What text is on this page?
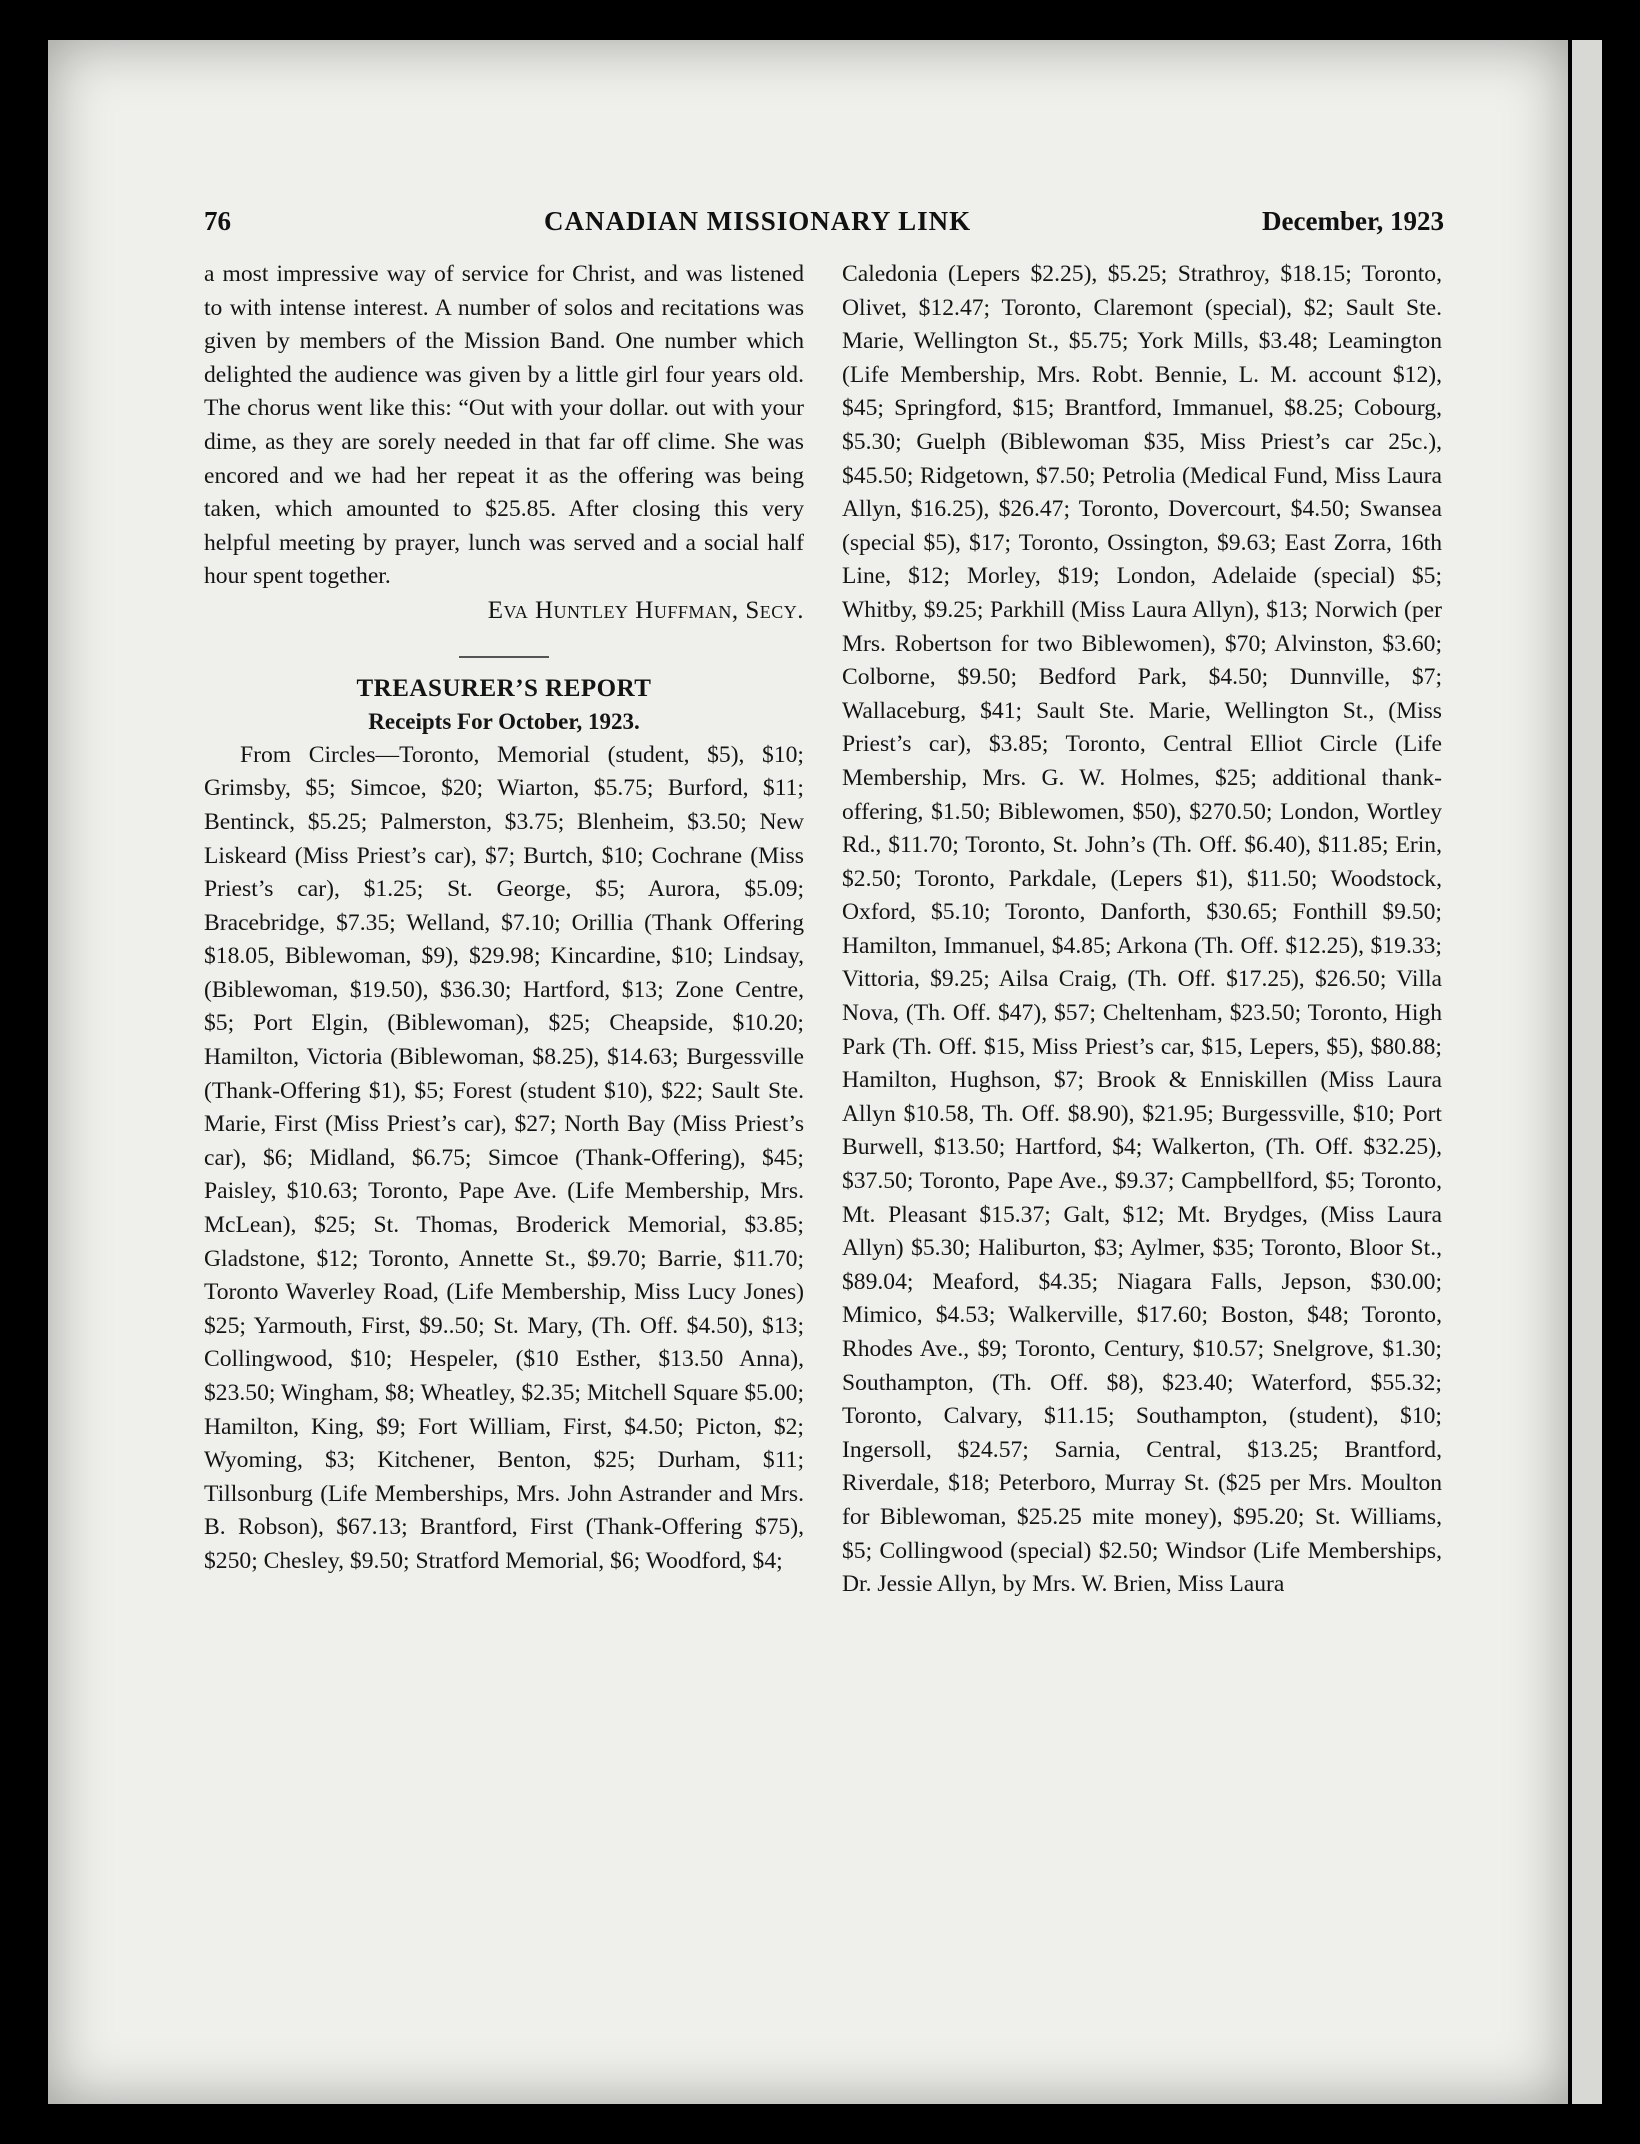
76	CANADIAN MISSIONARY LINK	December, 1923

a most impressive way of service for Christ, and was listened to with intense interest. A number of solos and recitations was given by members of the Mission Band. One number which delighted the audience was given by a little girl four years old. The chorus went like this: “Out with your dollar. out with your dime, as they are sorely needed in that far off clime. She was encored and we had her repeat it as the offering was being taken, which amounted to $25.85. After closing this very helpful meeting by prayer, lunch was served and a social half hour spent together.

Eva Huntley Huffman, Secy.

TREASURER’S REPORT

Receipts For October, 1923.

From Circles—Toronto, Memorial (student, $5), $10; Grimsby, $5; Simcoe, $20; Wiarton, $5.75; Burford, $11; Bentinck, $5.25; Palmerston, $3.75; Blenheim, $3.50; New Liskeard (Miss Priest’s car), $7; Burtch, $10; Cochrane (Miss Priest’s car), $1.25; St. George, $5; Aurora, $5.09; Bracebridge, $7.35; Welland, $7.10; Orillia (Thank Offering $18.05, Biblewoman, $9), $29.98; Kincardine, $10; Lindsay, (Biblewoman, $19.50), $36.30; Hartford, $13; Zone Centre, $5; Port Elgin, (Biblewoman), $25; Cheapside, $10.20; Hamilton, Victoria (Biblewoman, $8.25), $14.63; Burgessville (Thank-Offering $1), $5; Forest (student $10), $22; Sault Ste. Marie, First (Miss Priest’s car), $27; North Bay (Miss Priest’s car), $6; Midland, $6.75; Simcoe (Thank-Offering), $45; Paisley, $10.63; Toronto, Pape Ave. (Life Membership, Mrs. McLean), $25; St. Thomas, Broderick Memorial, $3.85; Gladstone, $12; Toronto, Annette St., $9.70; Barrie, $11.70; Toronto Waverley Road, (Life Membership, Miss Lucy Jones) $25; Yarmouth, First, $9..50; St. Mary, (Th. Off. $4.50), $13; Collingwood, $10; Hespeler, ($10 Esther, $13.50 Anna), $23.50; Wingham, $8; Wheatley, $2.35; Mitchell Square $5.00; Hamilton, King, $9; Fort William, First, $4.50; Picton, $2; Wyoming, $3; Kitchener, Benton, $25; Durham, $11; Tillsonburg (Life Memberships, Mrs. John Astrander and Mrs. B. Robson), $67.13; Brantford, First (Thank-Offering $75), $250; Chesley, $9.50; Stratford Memorial, $6; Woodford, $4;

Caledonia (Lepers $2.25), $5.25; Strathroy, $18.15; Toronto, Olivet, $12.47; Toronto, Claremont (special), $2; Sault Ste. Marie, Wellington St., $5.75; York Mills, $3.48; Leamington (Life Membership, Mrs. Robt. Bennie, L. M. account $12), $45; Springford, $15; Brantford, Immanuel, $8.25; Cobourg, $5.30; Guelph (Biblewoman $35, Miss Priest’s car 25c.), $45.50; Ridgetown, $7.50; Petrolia (Medical Fund, Miss Laura Allyn, $16.25), $26.47; Toronto, Dovercourt, $4.50; Swansea (special $5), $17; Toronto, Ossington, $9.63; East Zorra, 16th Line, $12; Morley, $19; London, Adelaide (special) $5; Whitby, $9.25; Parkhill (Miss Laura Allyn), $13; Norwich (per Mrs. Robertson for two Biblewomen), $70; Alvinston, $3.60; Colborne, $9.50; Bedford Park, $4.50; Dunnville, $7; Wallaceburg, $41; Sault Ste. Marie, Wellington St., (Miss Priest’s car), $3.85; Toronto, Central Elliot Circle (Life Membership, Mrs. G. W. Holmes, $25; additional thank-offering, $1.50; Biblewomen, $50), $270.50; London, Wortley Rd., $11.70; Toronto, St. John’s (Th. Off. $6.40), $11.85; Erin, $2.50; Toronto, Parkdale, (Lepers $1), $11.50; Woodstock, Oxford, $5.10; Toronto, Danforth, $30.65; Fonthill $9.50; Hamilton, Immanuel, $4.85; Arkona (Th. Off. $12.25), $19.33; Vittoria, $9.25; Ailsa Craig, (Th. Off. $17.25), $26.50; Villa Nova, (Th. Off. $47), $57; Cheltenham, $23.50; Toronto, High Park (Th. Off. $15, Miss Priest’s car, $15, Lepers, $5), $80.88; Hamilton, Hughson, $7; Brook & Enniskillen (Miss Laura Allyn $10.58, Th. Off. $8.90), $21.95; Burgessville, $10; Port Burwell, $13.50; Hartford, $4; Walkerton, (Th. Off. $32.25), $37.50; Toronto, Pape Ave., $9.37; Campbellford, $5; Toronto, Mt. Pleasant $15.37; Galt, $12; Mt. Brydges, (Miss Laura Allyn) $5.30; Haliburton, $3; Aylmer, $35; Toronto, Bloor St., $89.04; Meaford, $4.35; Niagara Falls, Jepson, $30.00; Mimico, $4.53; Walkerville, $17.60; Boston, $48; Toronto, Rhodes Ave., $9; Toronto, Century, $10.57; Snelgrove, $1.30; Southampton, (Th. Off. $8), $23.40; Waterford, $55.32; Toronto, Calvary, $11.15; Southampton, (student), $10; Ingersoll, $24.57; Sarnia, Central, $13.25; Brantford, Riverdale, $18; Peterboro, Murray St. ($25 per Mrs. Moulton for Biblewoman, $25.25 mite money), $95.20; St. Williams, $5; Collingwood (special) $2.50; Windsor (Life Memberships, Dr. Jessie Allyn, by Mrs. W. Brien, Miss Laura
